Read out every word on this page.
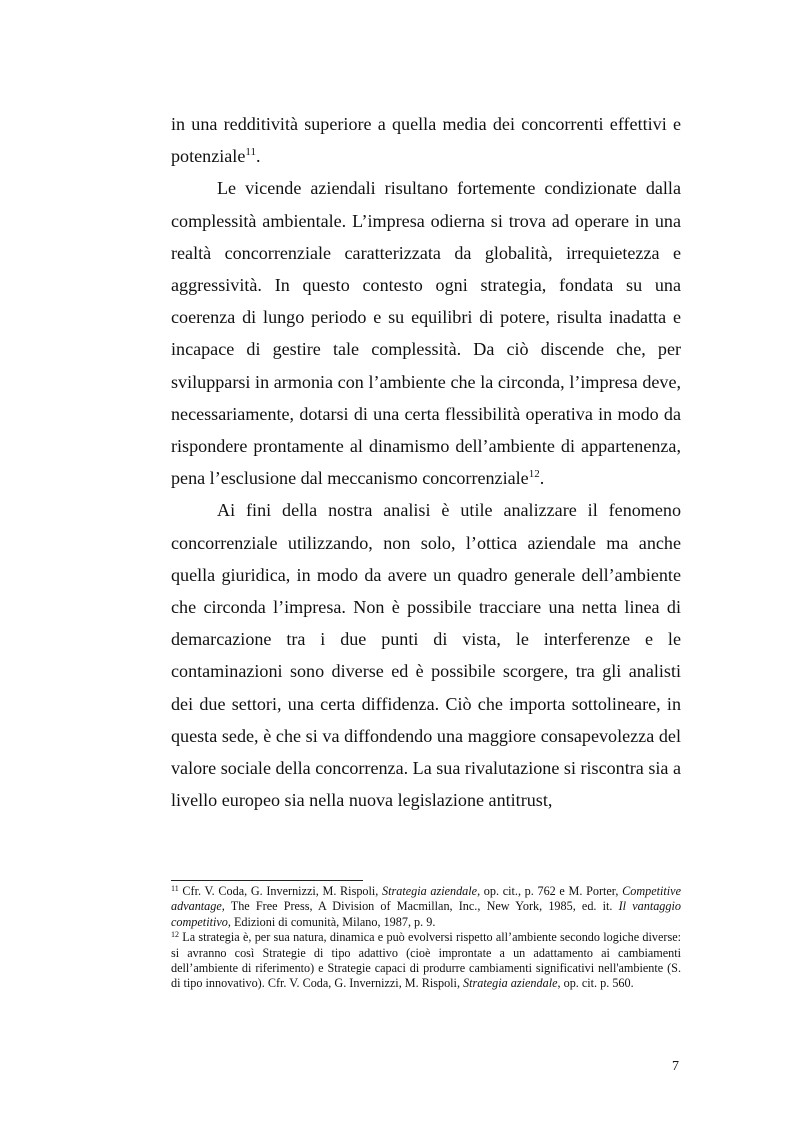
in una redditività superiore a quella media dei concorrenti effettivi e potenziale$^{11}$.

Le vicende aziendali risultano fortemente condizionate dalla complessità ambientale. L’impresa odierna si trova ad operare in una realtà concorrenziale caratterizzata da globalità, irrequietezza e aggressività. In questo contesto ogni strategia, fondata su una coerenza di lungo periodo e su equilibri di potere, risulta inadatta e incapace di gestire tale complessità. Da ciò discende che, per svilupparsi in armonia con l’ambiente che la circonda, l’impresa deve, necessariamente, dotarsi di una certa flessibilità operativa in modo da rispondere prontamente al dinamismo dell’ambiente di appartenenza, pena l’esclusione dal meccanismo concorrenziale$^{12}$.

Ai fini della nostra analisi è utile analizzare il fenomeno concorrenziale utilizzando, non solo, l’ottica aziendale ma anche quella giuridica, in modo da avere un quadro generale dell’ambiente che circonda l’impresa. Non è possibile tracciare una netta linea di demarcazione tra i due punti di vista, le interferenze e le contaminazioni sono diverse ed è possibile scorgere, tra gli analisti dei due settori, una certa diffidenza. Ciò che importa sottolineare, in questa sede, è che si va diffondendo una maggiore consapevolezza del valore sociale della concorrenza. La sua rivalutazione si riscontra sia a livello europeo sia nella nuova legislazione antitrust,

$^{11}$ Cfr. V. Coda, G. Invernizzi, M. Rispoli, Strategia aziendale, op. cit., p. 762 e M. Porter, Competitive advantage, The Free Press, A Division of Macmillan, Inc., New York, 1985, ed. it. Il vantaggio competitivo, Edizioni di comunità, Milano, 1987, p. 9.

$^{12}$ La strategia è, per sua natura, dinamica e può evolversi rispetto all’ambiente secondo logiche diverse: si avranno così Strategie di tipo adattivo (cioè improntate a un adattamento ai cambiamenti dell’ambiente di riferimento) e Strategie capaci di produrre cambiamenti significativi nell'ambiente (S. di tipo innovativo). Cfr. V. Coda, G. Invernizzi, M. Rispoli, Strategia aziendale, op. cit. p. 560.

7
